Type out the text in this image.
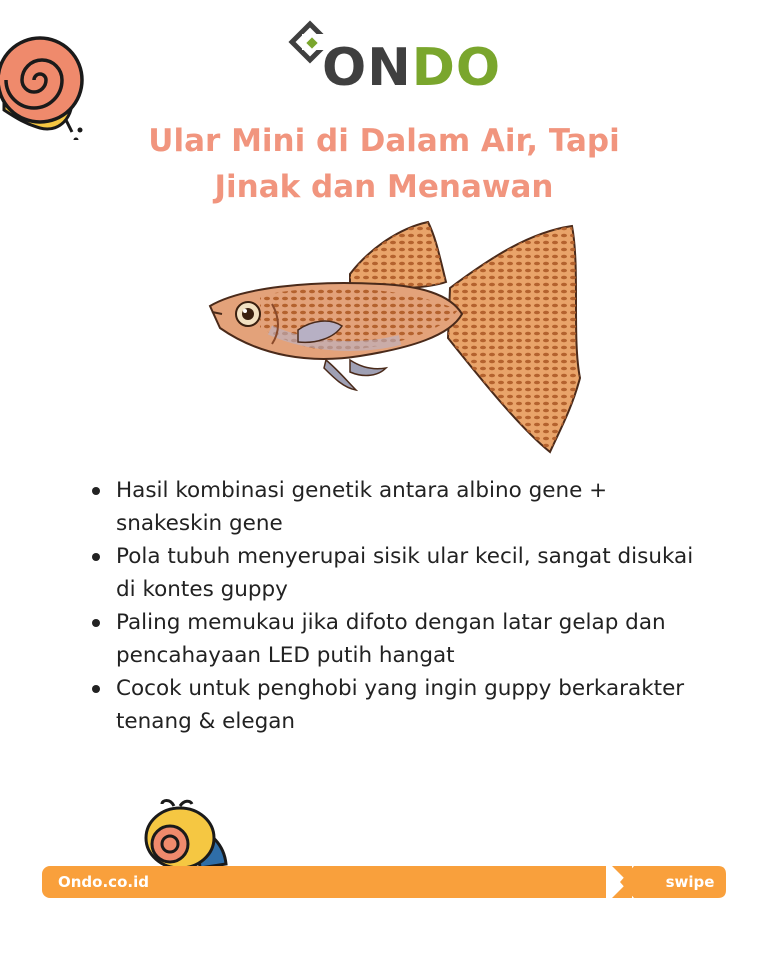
ONDO
Ular Mini di Dalam Air, Tapi
Jinak dan Menawan
Hasil kombinasi genetik antara albino gene + snakeskin gene
Pola tubuh menyerupai sisik ular kecil, sangat disukai di kontes guppy
Paling memukau jika difoto dengan latar gelap dan pencahayaan LED putih hangat
Cocok untuk penghobi yang ingin guppy berkarakter tenang & elegan
Ondo.co.id	swipe
